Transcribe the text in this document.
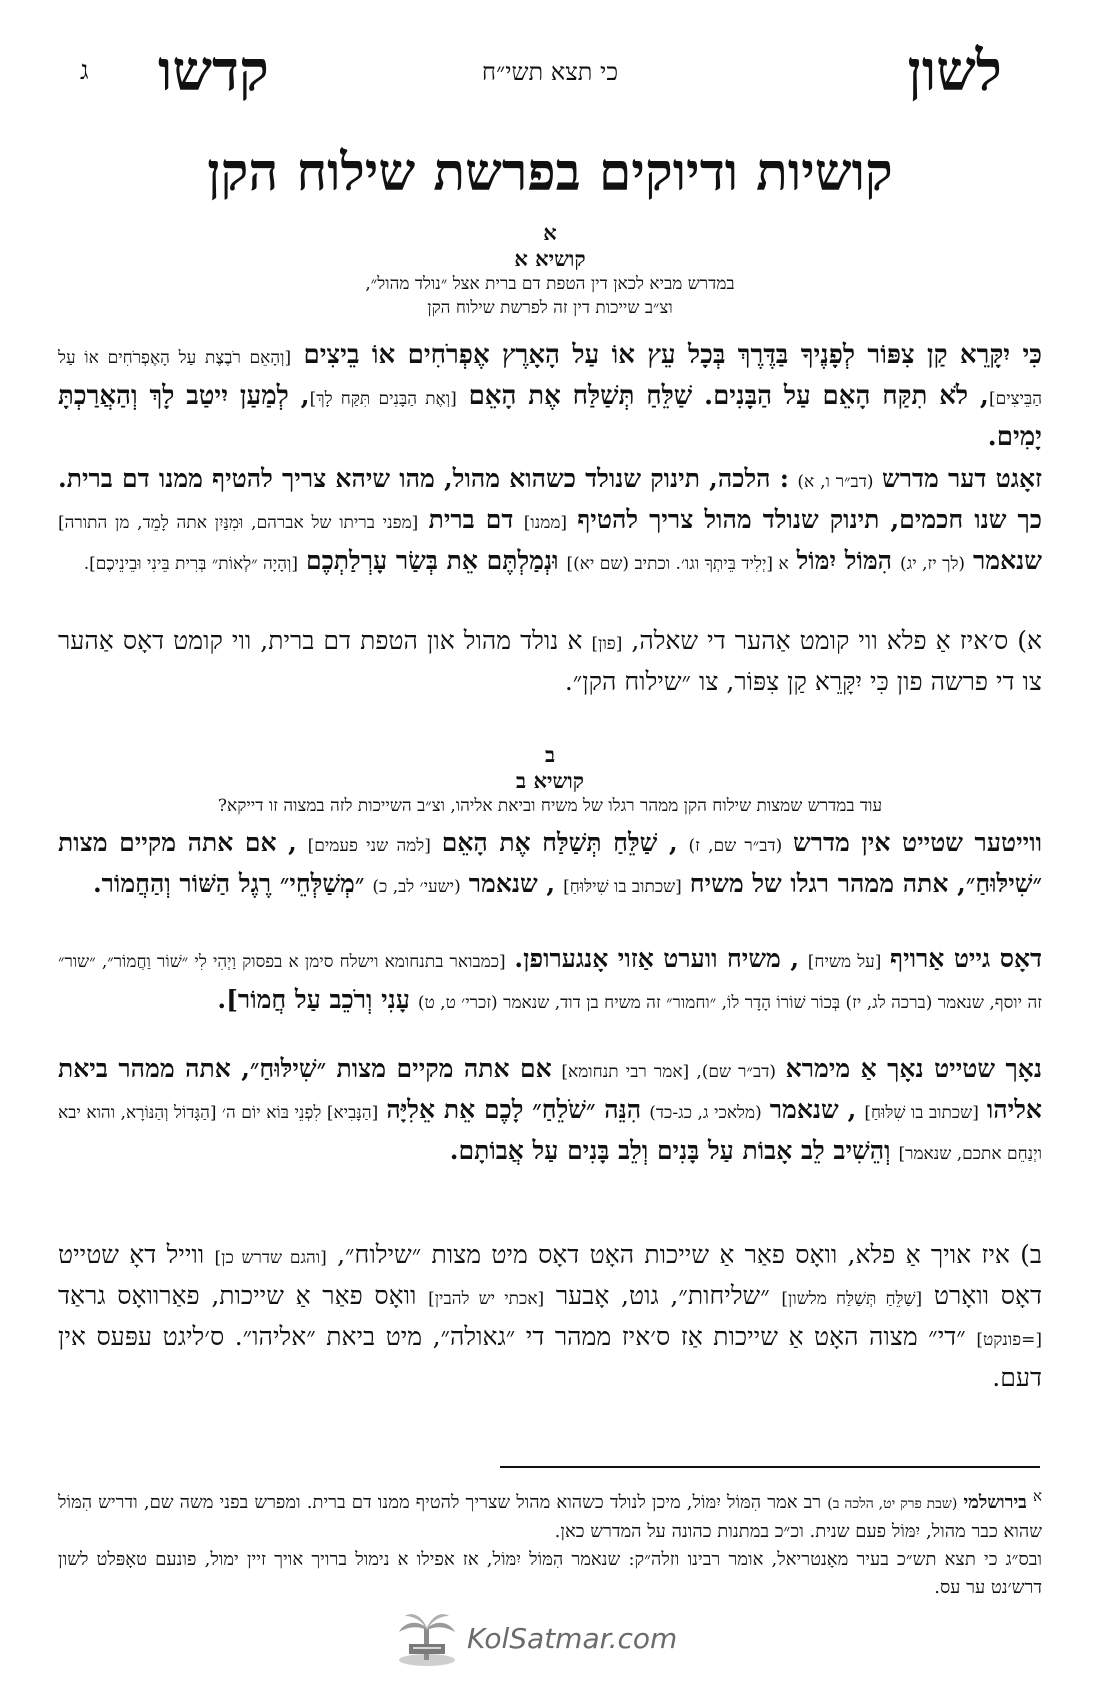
לשון
כי תצא תשי״ח
קדשו
ג
קושיות ודיוקים בפרשת שילוח הקן
א
קושיא א
במדרש מביא לכאן דין הטפת דם ברית אצל ״נולד מהול״,
וצ״ב שייכות דין זה לפרשת שילוח הקן
כִּי יִקָּרֵא קַן צִפּוֹר לְפָנֶיךָ בַּדֶּרֶךְ בְּכָל עֵץ אוֹ עַל הָאָרֶץ אֶפְרֹחִים אוֹ בֵיצִים [וְהָאֵם רֹבֶצֶת עַל הָאֶפְרֹחִים אוֹ עַל הַבֵּיצִים], לֹא תִקַּח הָאֵם עַל הַבָּנִים. שַׁלֵּחַ תְּשַׁלַּח אֶת הָאֵם [וְאֶת הַבָּנִים תִּקַּח לָךְ], לְמַעַן יִיטַב לָךְ וְהַאֲרַכְתָּ יָמִים.
זאָגט דער מדרש (דב״ר ו, א) : הלכה, תינוק שנולד כשהוא מהול, מהו שיהא צריך להטיף ממנו דם ברית. כך שנו חכמים, תינוק שנולד מהול צריך להטיף [ממנו] דם ברית [מפני בריתו של אברהם, וּמִנַּיִן אתה לָמֵד, מן התורה] שנאמר (לך יז, יג) הִמּוֹל יִמּוֹל א [יְלִיד בֵּיתְךָ וגו׳. וכתיב (שם יא)] וּנְמַלְתֶּם אֵת בְּשַׂר עָרְלַתְכֶם [וְהָיָה ״לְאוֹת״ בְּרִית בֵּינִי וּבֵינֵיכֶם].
א) ס׳איז אַ פלא ווי קומט אַהער די שאלה, [פון] א נולד מהול און הטפת דם ברית, ווי קומט דאָס אַהער צו די פרשה פון כִּי יִקָּרֵא קַן צִפּוֹר, צו ״שילוח הקן״.
ב
קושיא ב
עוד במדרש שמצות שילוח הקן ממהר רגלו של משיח וביאת אליהו, וצ״ב השייכות לזה במצוה זו דייקא?
ווייטער שטייט אין מדרש (דב״ר שם, ז) , שַׁלֵּחַ תְּשַׁלַּח אֶת הָאֵם [למה שני פעמים] , אם אתה מקיים מצות ״שִׁילּוּחַ״, אתה ממהר רגלו של משיח [שכתוב בו שִׁילּוּחַ] , שנאמר (ישעי׳ לב, כ) ״מְשַׁלְּחֵי״ רֶגֶל הַשּׁוֹר וְהַחֲמוֹר.
דאָס גייט אַרויף [על משיח] , משיח ווערט אַזוי אָנגערופן. [כמבואר בתנחומא וישלח סימן א בפסוק וַיְהִי לִי ״שׁוֹר וַחֲמוֹר״, ״שור״ זה יוסף, שנאמר (ברכה לג, יז) בְּכוֹר שׁוֹרוֹ הָדָר לוֹ, ״וחמור״ זה משיח בן דוד, שנאמר (זכרי׳ ט, ט) עָנִי וְרֹכֵב עַל חֲמוֹר].
נאָך שטייט נאָך אַ מימרא (דב״ר שם), [אמר רבי תנחומא] אם אתה מקיים מצות ״שִׁילּוּחַ״, אתה ממהר ביאת אליהו [שכתוב בו שִׁלּוּחַ] , שנאמר (מלאכי ג, כג-כד) הִנֵּה ״שֹׁלֵחַ״ לָכֶם אֵת אֵלִיָּה [הַנָּבִיא] לִפְנֵי בּוֹא יוֹם ה׳ [הַגָּדוֹל וְהַנּוֹרָא, והוא יבא ויְנַחֵם אתכם, שנאמר] וְהֵשִׁיב לֵב אָבוֹת עַל בָּנִים וְלֵב בָּנִים עַל אֲבוֹתָם.
ב) איז אויך אַ פלא, וואָס פאַר אַ שייכות האָט דאָס מיט מצות ״שילוח״, [והגם שדרש כן] ווייל דאָ שטייט דאָס וואָרט [שַׁלֵּחַ תְּשַׁלַּח מלשון] ״שליחות״, גוט, אָבער [אכתי יש להבין] וואָס פאַר אַ שייכות, פאַרוואָס גראַד [=פונקט] ״די״ מצוה האָט אַ שייכות אַז ס׳איז ממהר די ״גאולה״, מיט ביאת ״אליהו״. ס׳ליגט עפּעס אין דעם.
$^א$ בירושלמי (שבת פרק יט, הלכה ב) רב אמר הִמּוֹל יִמּוֹל, מיכן לנולד כשהוא מהול שצריך להטיף ממנו דם ברית. ומפרש בפני משה שם, ודריש הִמּוֹל שהוא כבר מהול, יִמּוֹל פעם שנית. וכ״כ במתנות כהונה על המדרש כאן.
ובס״ג כי תצא תש״כ בעיר מאָנטריאל, אומר רבינו וזלה״ק: שנאמר הִמּוֹל יִמּוֹל, אז אפילו א נימול ברויך אויך זיין ימול, פונעם טאָפּלט לשון דרש׳נט ער עס.
KolSatmar.com
